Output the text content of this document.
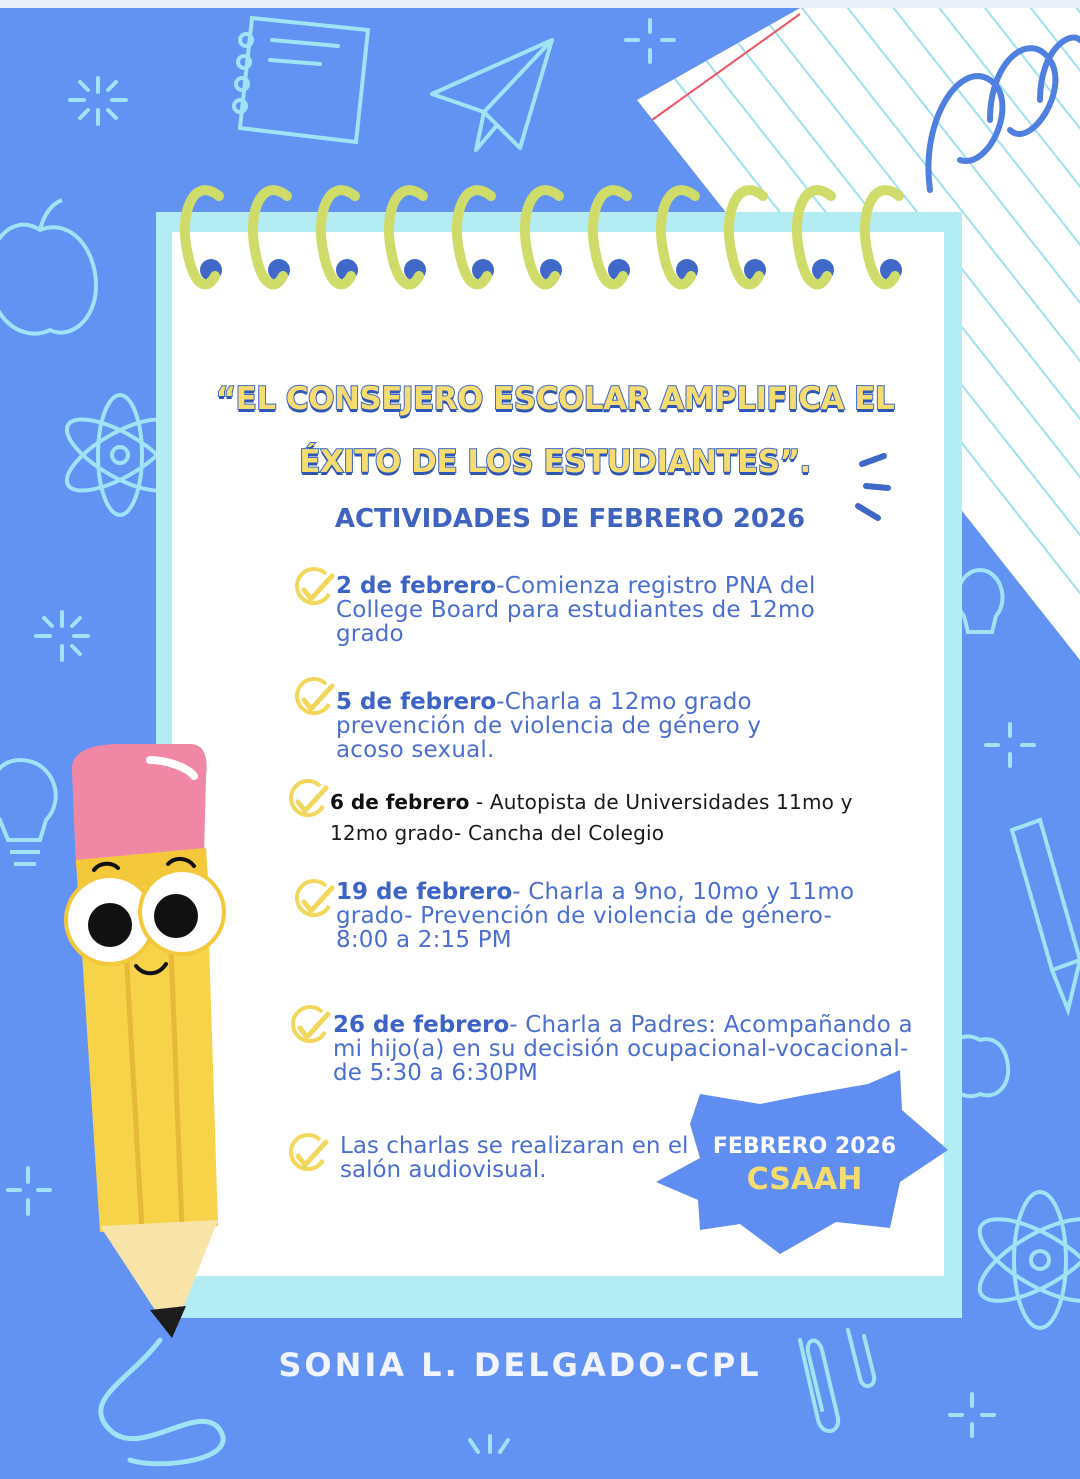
“EL CONSEJERO ESCOLAR AMPLIFICA EL
ÉXITO DE LOS ESTUDIANTES”.
ACTIVIDADES DE FEBRERO 2026
2 de febrero-Comienza registro PNA del College Board para estudiantes de 12mo grado
5 de febrero-Charla a 12mo grado prevención de violencia de género y acoso sexual.
6 de febrero - Autopista de Universidades 11mo y 12mo grado- Cancha del Colegio
19 de febrero- Charla a 9no, 10mo y 11mo grado- Prevención de violencia de género- 8:00 a 2:15 PM
26 de febrero- Charla a Padres: Acompañando a mi hijo(a) en su decisión ocupacional-vocacional- de 5:30 a 6:30PM
Las charlas se realizaran en el salón audiovisual.
FEBRERO 2026
CSAAH
SONIA L. DELGADO-CPL
